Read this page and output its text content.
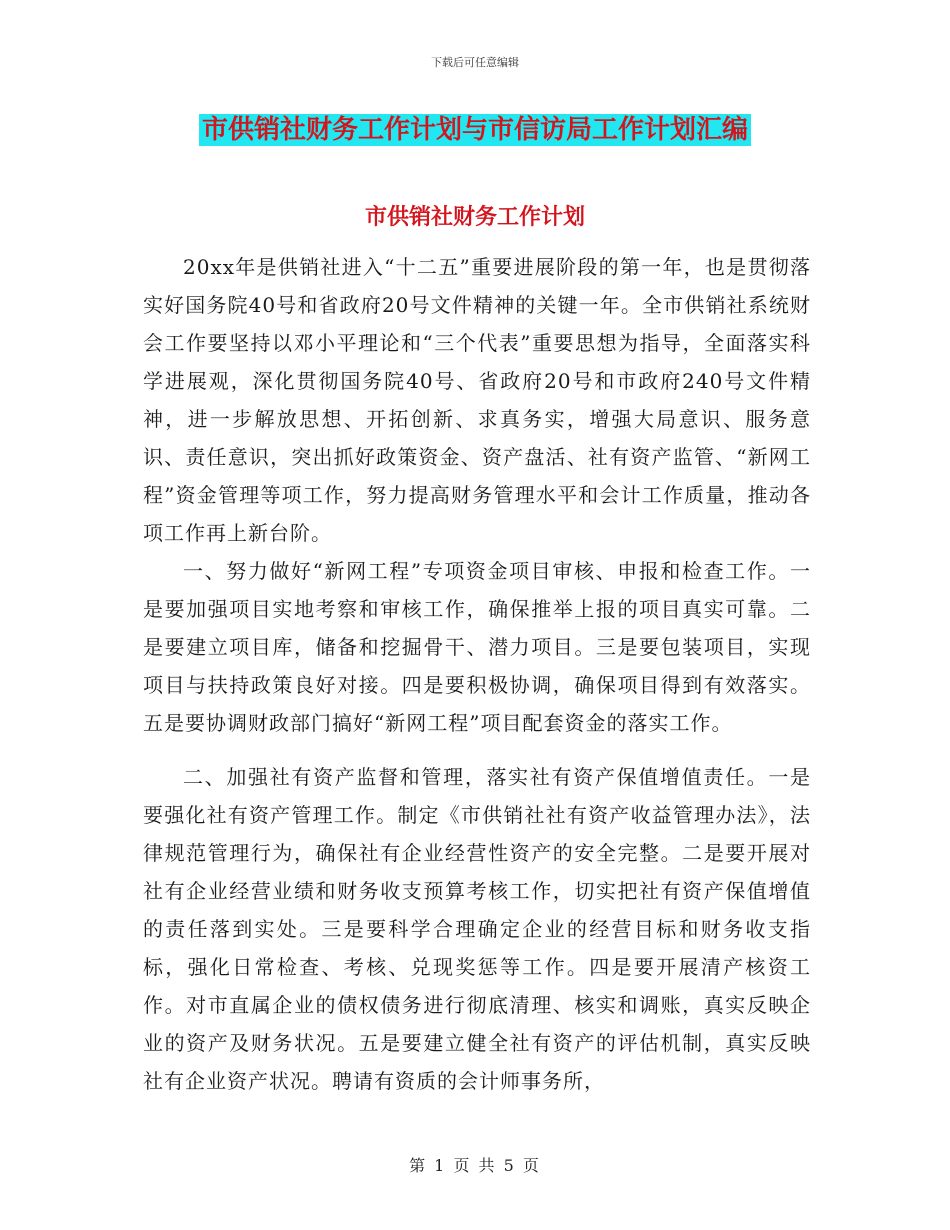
下载后可任意编辑
市供销社财务工作计划与市信访局工作计划汇编
市供销社财务工作计划

20xx年是供销社进入“十二五”重要进展阶段的第一年，也是贯彻落实好国务院40号和省政府20号文件精神的关键一年。全市供销社系统财会工作要坚持以邓小平理论和“三个代表”重要思想为指导，全面落实科学进展观，深化贯彻国务院40号、省政府20号和市政府240号文件精神，进一步解放思想、开拓创新、求真务实，增强大局意识、服务意识、责任意识，突出抓好政策资金、资产盘活、社有资产监管、“新网工程”资金管理等项工作，努力提高财务管理水平和会计工作质量，推动各项工作再上新台阶。

一、努力做好“新网工程”专项资金项目审核、申报和检查工作。一是要加强项目实地考察和审核工作，确保推举上报的项目真实可靠。二是要建立项目库，储备和挖掘骨干、潜力项目。三是要包装项目，实现项目与扶持政策良好对接。四是要积极协调，确保项目得到有效落实。五是要协调财政部门搞好“新网工程”项目配套资金的落实工作。

二、加强社有资产监督和管理，落实社有资产保值增值责任。一是要强化社有资产管理工作。制定《市供销社社有资产收益管理办法》，法律规范管理行为，确保社有企业经营性资产的安全完整。二是要开展对社有企业经营业绩和财务收支预算考核工作，切实把社有资产保值增值的责任落到实处。三是要科学合理确定企业的经营目标和财务收支指标，强化日常检查、考核、兑现奖惩等工作。四是要开展清产核资工作。对市直属企业的债权债务进行彻底清理、核实和调账，真实反映企业的资产及财务状况。五是要建立健全社有资产的评估机制，真实反映社有企业资产状况。聘请有资质的会计师事务所，

第 1 页 共 5 页
